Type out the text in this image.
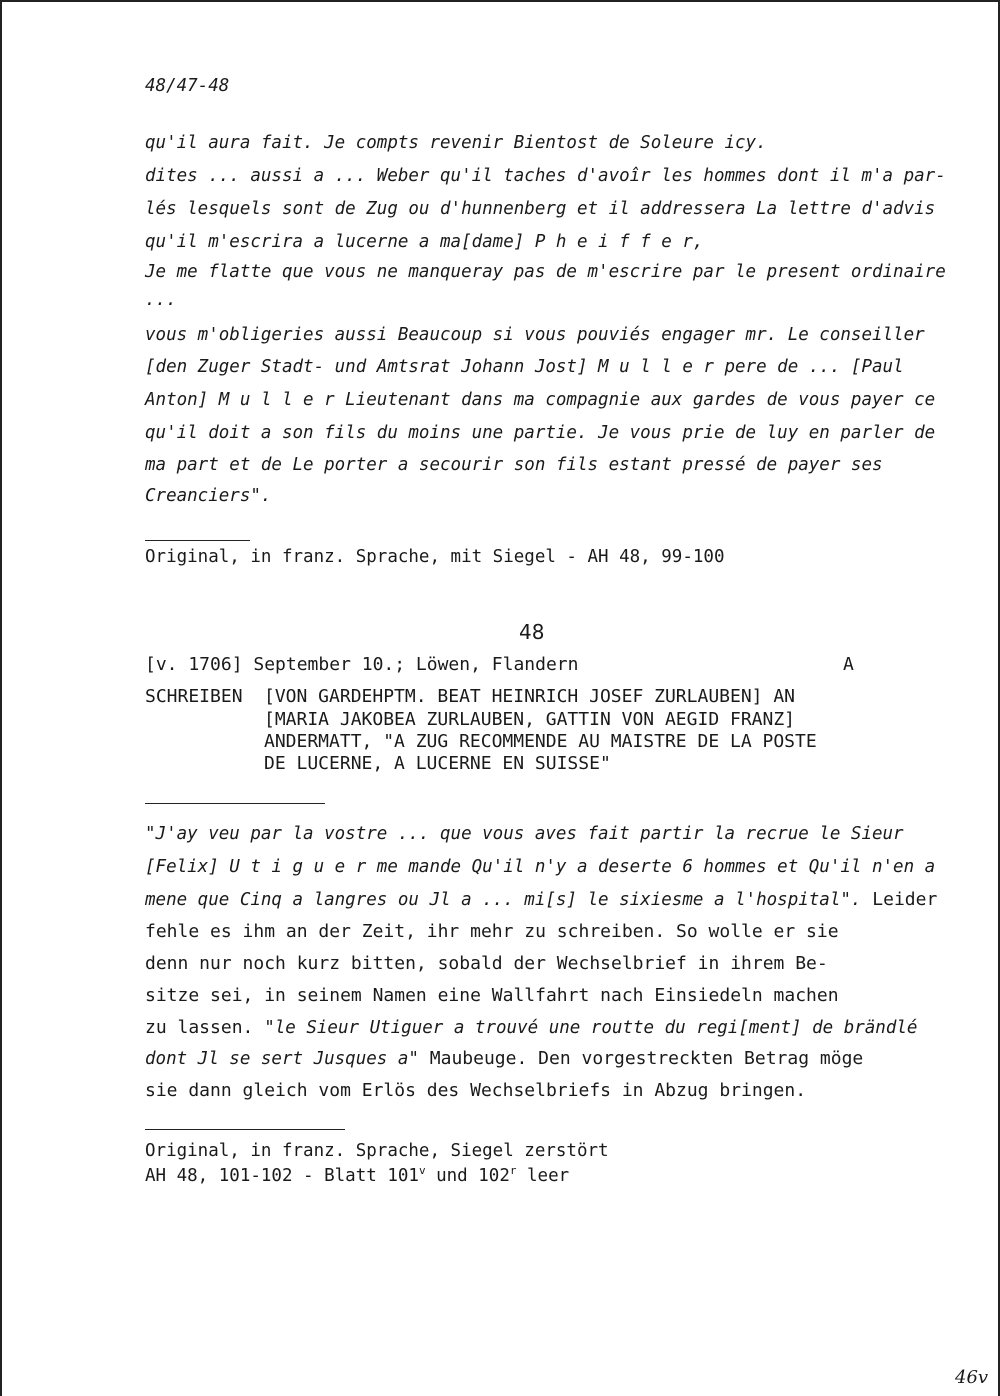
48/47-48
qu'il aura fait. Je compts revenir Bientost de Soleure icy.
dites ... aussi a ... Weber qu'il taches d'avoîr les hommes dont il m'a par-
lés lesquels sont de Zug ou d'hunnenberg et il addressera La lettre d'advis
qu'il m'escrira a lucerne a ma[dame] P h e i f f e r,
Je me flatte que vous ne manqueray pas de m'escrire par le present ordinaire
...
vous m'obligeries aussi Beaucoup si vous pouviés engager mr. Le conseiller
[den Zuger Stadt- und Amtsrat Johann Jost] M u l l e r pere de ... [Paul
Anton] M u l l e r Lieutenant dans ma compagnie aux gardes de vous payer ce
qu'il doit a son fils du moins une partie. Je vous prie de luy en parler de
ma part et de Le porter a secourir son fils estant pressé de payer ses
Creanciers".
Original, in franz. Sprache, mit Siegel - AH 48, 99-100
48
[v. 1706] September 10.; Löwen, Flandern	A
SCHREIBEN [VON GARDEHPTM. BEAT HEINRICH JOSEF ZURLAUBEN] AN
[MARIA JAKOBEA ZURLAUBEN, GATTIN VON AEGID FRANZ]
ANDERMATT, "A ZUG RECOMMENDE AU MAISTRE DE LA POSTE
DE LUCERNE, A LUCERNE EN SUISSE"
"J'ay veu par la vostre ... que vous aves fait partir la recrue le Sieur
[Felix] U t i g u e r me mande Qu'il n'y a deserte 6 hommes et Qu'il n'en a
mene que Cinq a langres ou Jl a ... mi[s] le sixiesme a l'hospital". Leider
fehle es ihm an der Zeit, ihr mehr zu schreiben. So wolle er sie
denn nur noch kurz bitten, sobald der Wechselbrief in ihrem Be-
sitze sei, in seinem Namen eine Wallfahrt nach Einsiedeln machen
zu lassen. "le Sieur Utiguer a trouvé une routte du regi[ment] de brändlé
dont Jl se sert Jusques a" Maubeuge. Den vorgestreckten Betrag möge
sie dann gleich vom Erlös des Wechselbriefs in Abzug bringen.
Original, in franz. Sprache, Siegel zerstört
AH 48, 101-102 - Blatt 101$^v$ und 102$^r$ leer
46v
